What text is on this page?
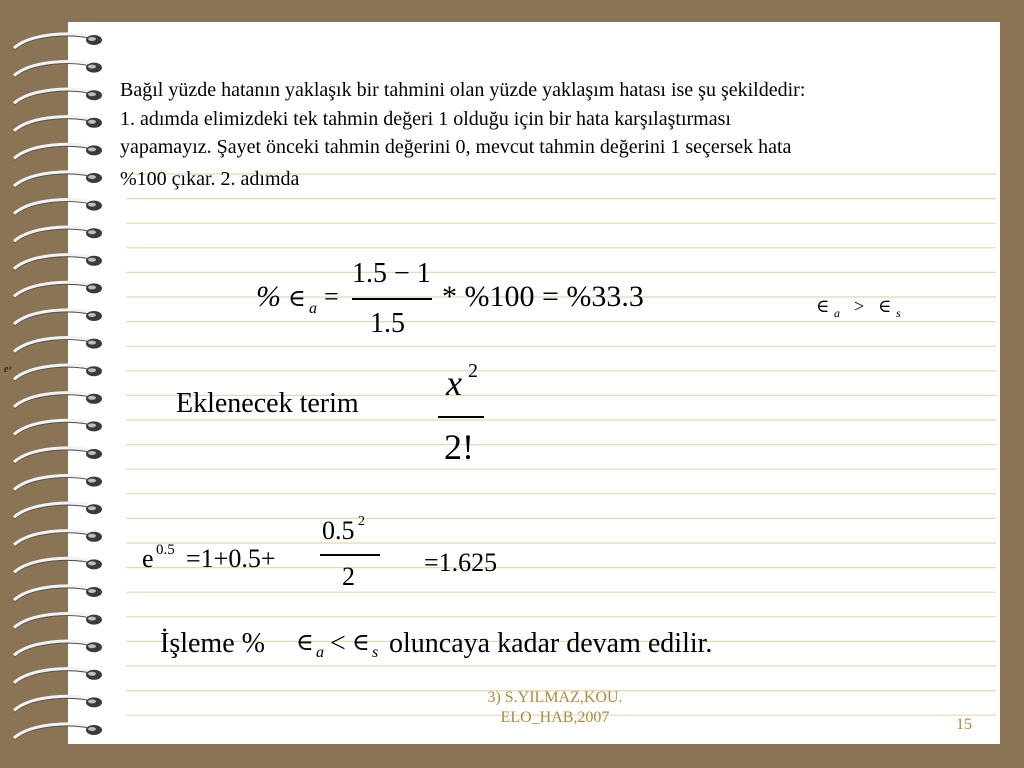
eˣ
Bağıl yüzde hatanın yaklaşık bir tahmini olan yüzde yaklaşım hatası ise şu şekildedir:
1. adımda elimizdeki tek tahmin değeri 1 olduğu için bir hata karşılaştırması
yapamayız. Şayet önceki tahmin değerini 0, mevcut tahmin değerini 1 seçersek hata
%100 çıkar. 2. adımda
% ∈ a =
1.5 − 1
1.5
* %100 = %33.3	∈ a > ∈ s
Eklenecek terim
x 2
2!
e 0.5 =1+0.5+
0.5 2
2	=1.625
İşleme % ∈ a < ∈ s oluncaya kadar devam edilir.
3) S.YILMAZ,KOU.
ELO_HAB,2007	15
